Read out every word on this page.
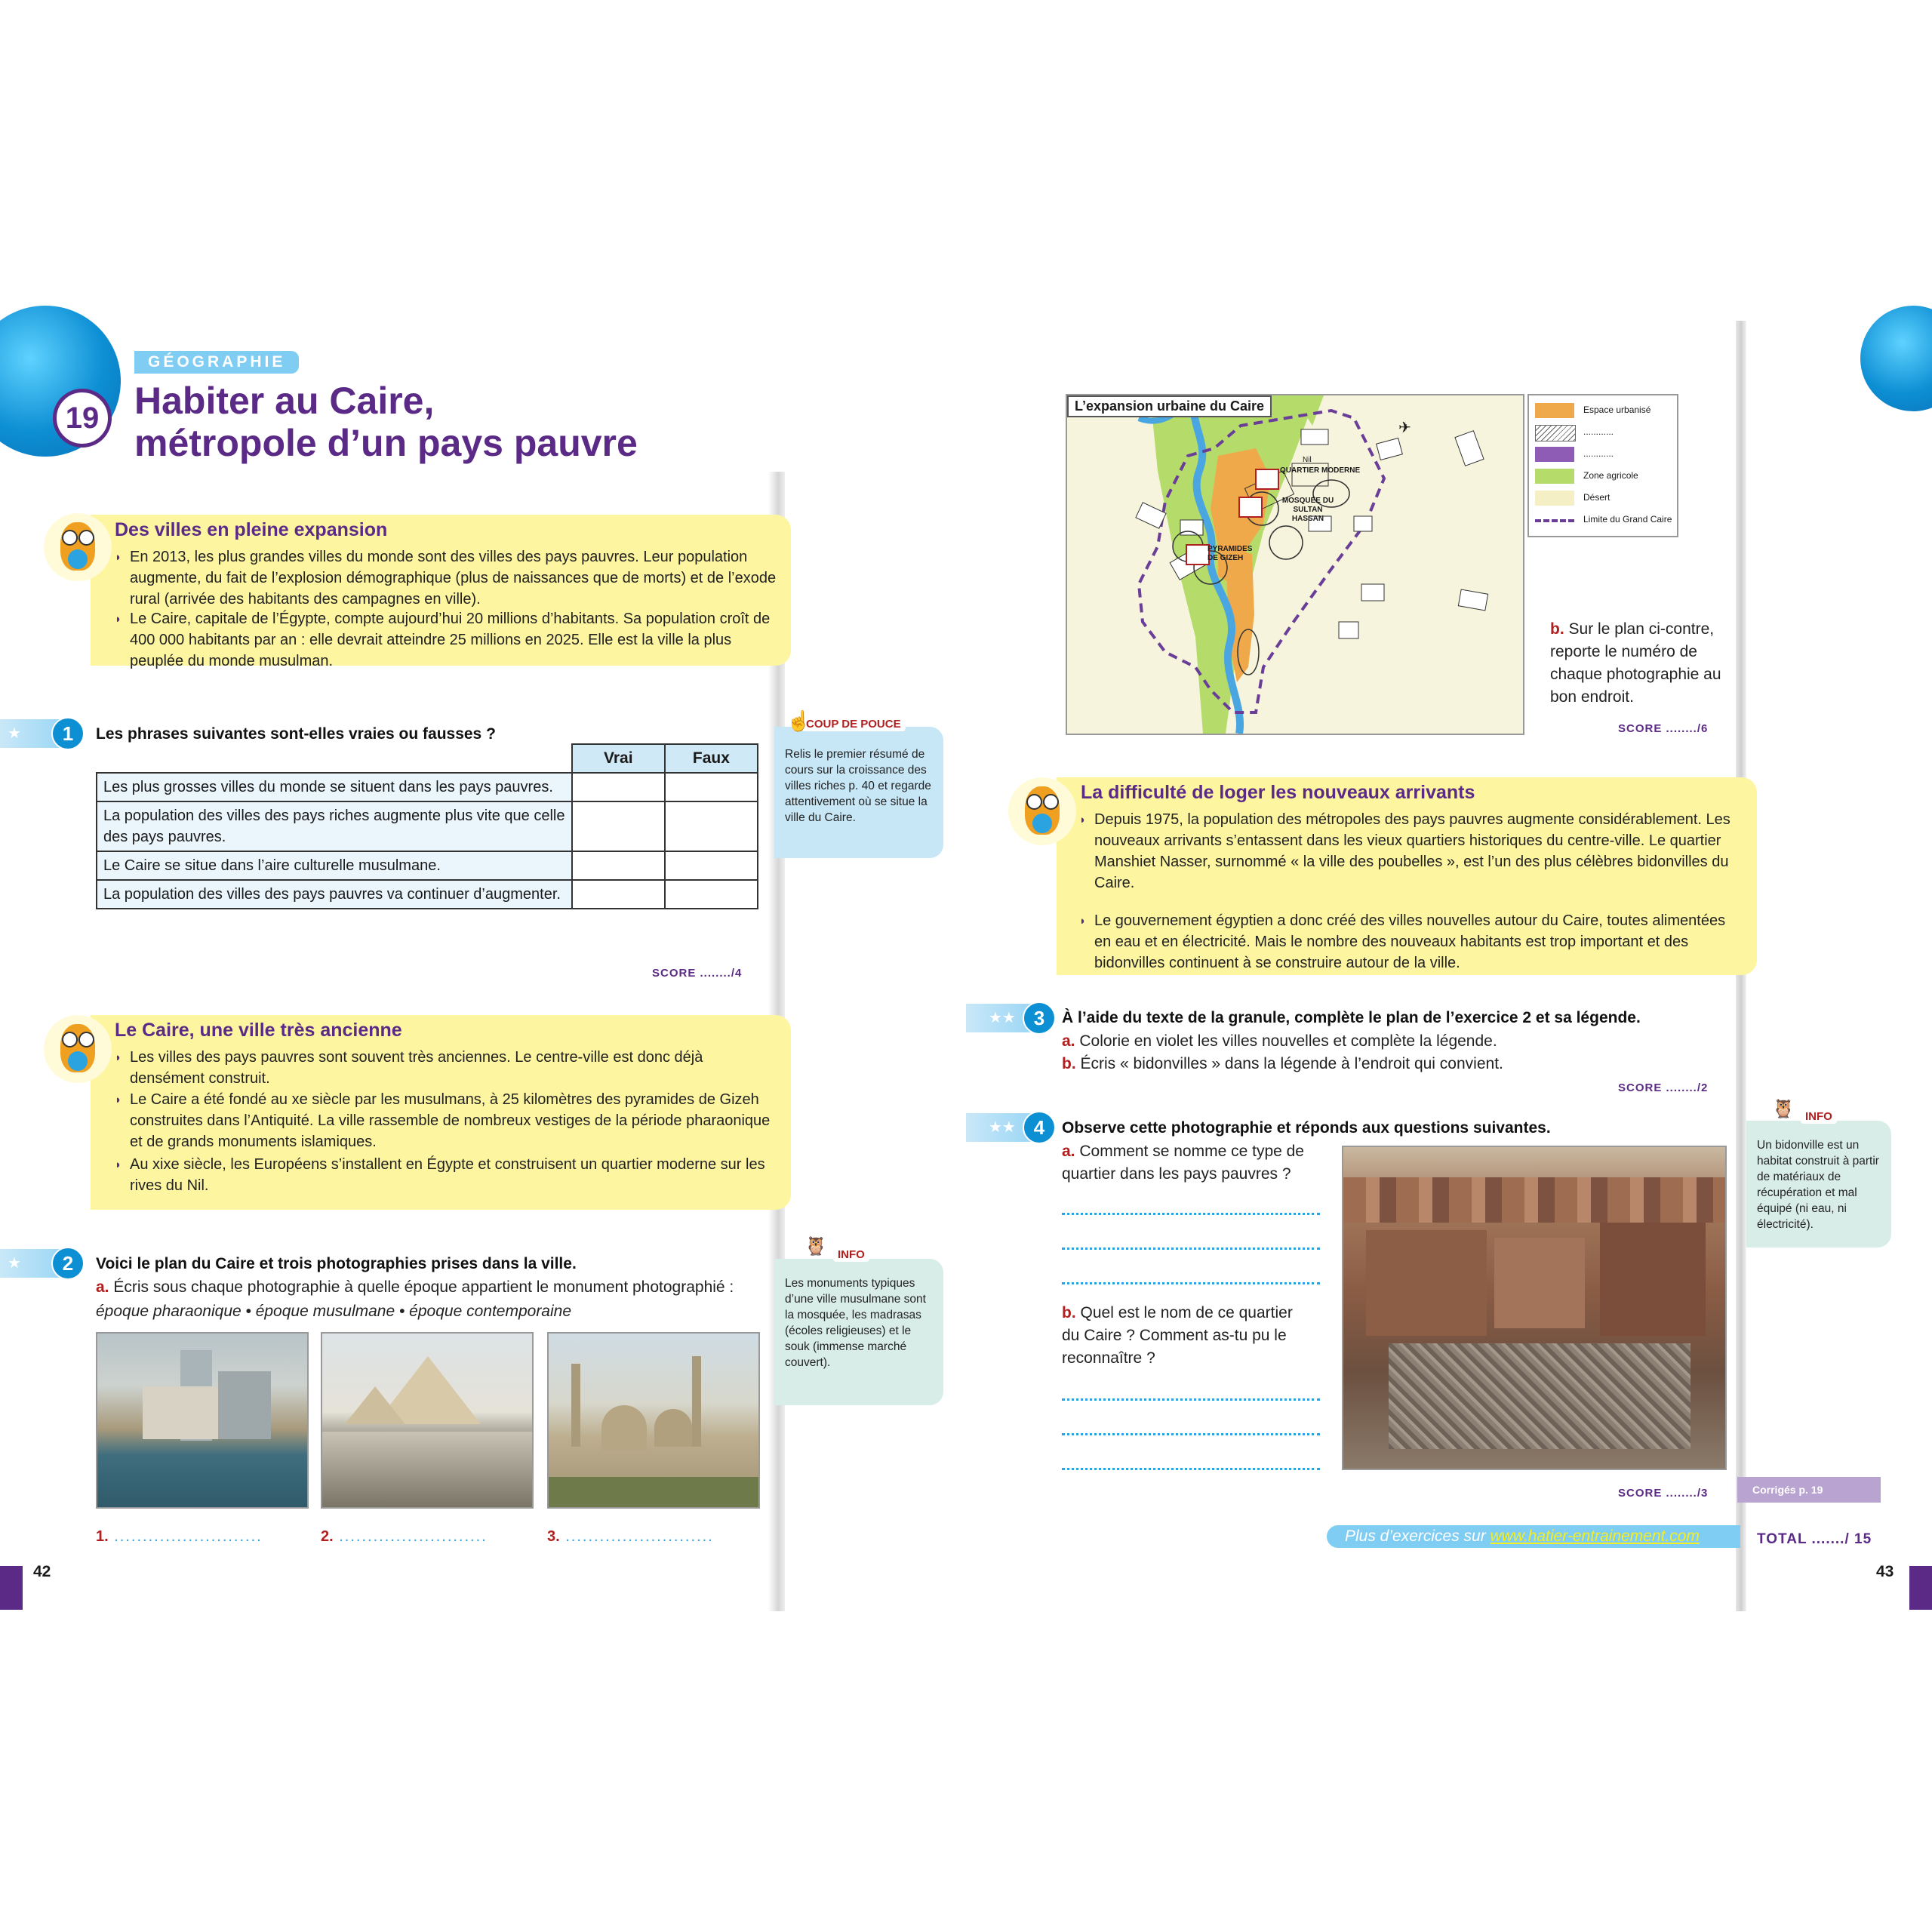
19
GÉOGRAPHIE
Habiter au Caire,
métropole d’un pays pauvre
Des villes en pleine expansion

◗ En 2013, les plus grandes villes du monde sont des villes des pays pauvres. Leur population augmente, du fait de l’explosion démographique (plus de naissances que de morts) et de l’exode rural (arrivée des habitants des campagnes en ville).

◗ Le Caire, capitale de l’Égypte, compte aujourd’hui 20 millions d’habitants. Sa population croît de 400 000 habitants par an : elle devrait atteindre 25 millions en 2025. Elle est la ville la plus peuplée du monde musulman.

★	1	Les phrases suivantes sont-elles vraies ou fausses ?
	Vrai	Faux
Les plus grosses villes du monde se situent dans les pays pauvres.		
La population des villes des pays riches augmente plus vite que celle des pays pauvres.		
Le Caire se situe dans l’aire culturelle musulmane.		
La population des villes des pays pauvres va continuer d’augmenter.		
SCORE ......../4
Relis le premier résumé de cours sur la croissance des villes riches p. 40 et regarde attentivement où se situe la ville du Caire.
COUP DE POUCE
☝
Le Caire, une ville très ancienne

◗ Les villes des pays pauvres sont souvent très anciennes. Le centre-ville est donc déjà densément construit.

◗ Le Caire a été fondé au xe siècle par les musulmans, à 25 kilomètres des pyramides de Gizeh construites dans l’Antiquité. La ville rassemble de nombreux vestiges de la période pharaonique et de grands monuments islamiques.

◗ Au xixe siècle, les Européens s’installent en Égypte et construisent un quartier moderne sur les rives du Nil.

★	2	Voici le plan du Caire et trois photographies prises dans la ville.
a. Écris sous chaque photographie à quelle époque appartient le monument photographié :
époque pharaonique • époque musulmane • époque contemporaine
1. ..........................	2. ..........................	3. ..........................
Les monuments typiques d’une ville musulmane sont la mosquée, les madrasas (écoles religieuses) et le souk (immense marché couvert).
🦉 INFO
42
L’expansion urbaine du Caire
QUARTIER MODERNE
MOSQUÉE DU SULTAN HASSAN
PYRAMIDES DE GIZEH
Nil
✈
Espace urbanisé
............
............
Zone agricole
Désert
Limite du Grand Caire
b. Sur le plan ci-contre, reporte le numéro de chaque photographie au bon endroit.
SCORE ......../6
La difficulté de loger les nouveaux arrivants

◗ Depuis 1975, la population des métropoles des pays pauvres augmente considérablement. Les nouveaux arrivants s’entassent dans les vieux quartiers historiques du centre-ville. Le quartier Manshiet Nasser, surnommé « la ville des poubelles », est l’un des plus célèbres bidonvilles du Caire.

◗ Le gouvernement égyptien a donc créé des villes nouvelles autour du Caire, toutes alimentées en eau et en électricité. Mais le nombre des nouveaux habitants est trop important et des bidonvilles continuent à se construire autour de la ville.

★★ 3	À l’aide du texte de la granule, complète le plan de l’exercice 2 et sa légende.
a. Colorie en violet les villes nouvelles et complète la légende.
b. Écris « bidonvilles » dans la légende à l’endroit qui convient.
SCORE ......../2
★★ 4	Observe cette photographie et réponds aux questions suivantes.
a. Comment se nomme ce type de quartier dans les pays pauvres ?
b. Quel est le nom de ce quartier du Caire ? Comment as-tu pu le reconnaître ?
SCORE ......../3
Un bidonville est un habitat construit à partir de matériaux de récupération et mal équipé (ni eau, ni électricité).
🦉 INFO
Corrigés p. 19
Plus d’exercices sur www.hatier-entrainement.com	TOTAL ......./ 15
43
